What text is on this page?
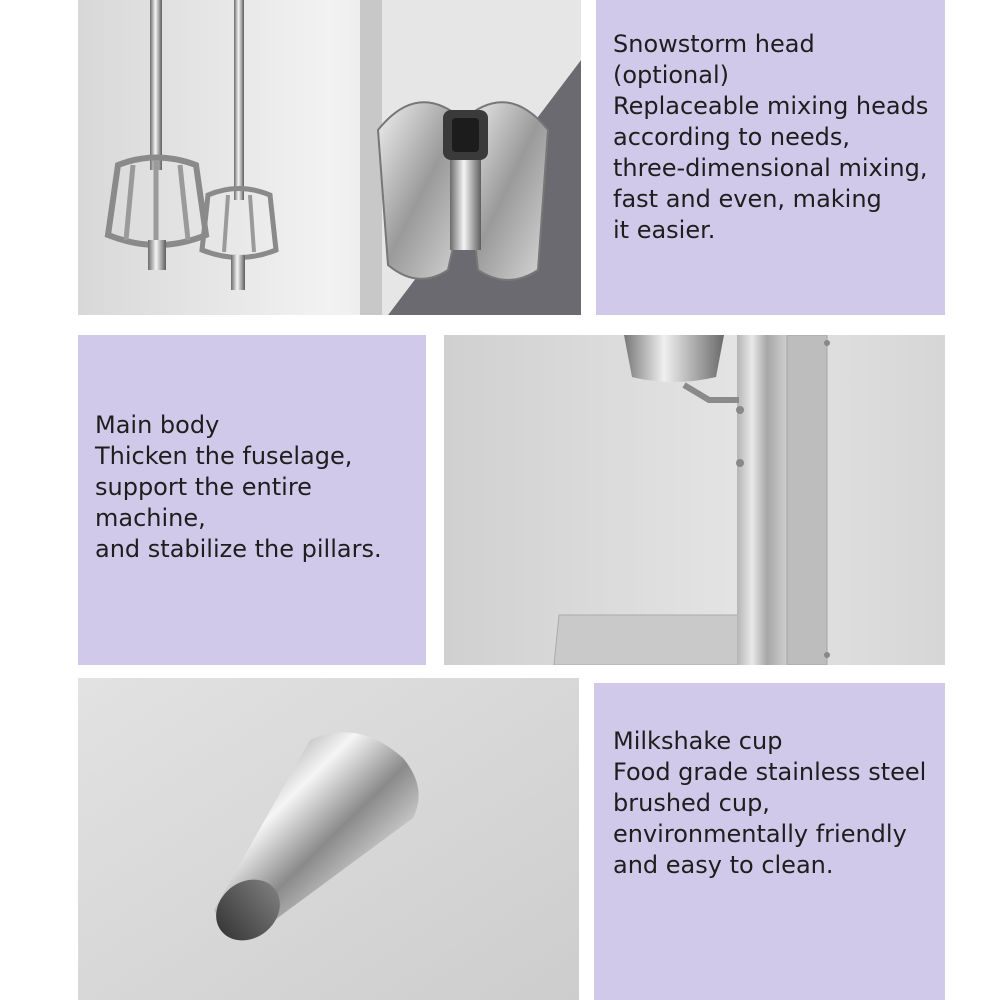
Snowstorm head
(optional)
Replaceable mixing heads
according to needs,
three-dimensional mixing,
fast and even, making
it easier.
Main body
Thicken the fuselage,
support the entire machine,
and stabilize the pillars.
Milkshake cup
Food grade stainless steel
brushed cup,
environmentally friendly
and easy to clean.
